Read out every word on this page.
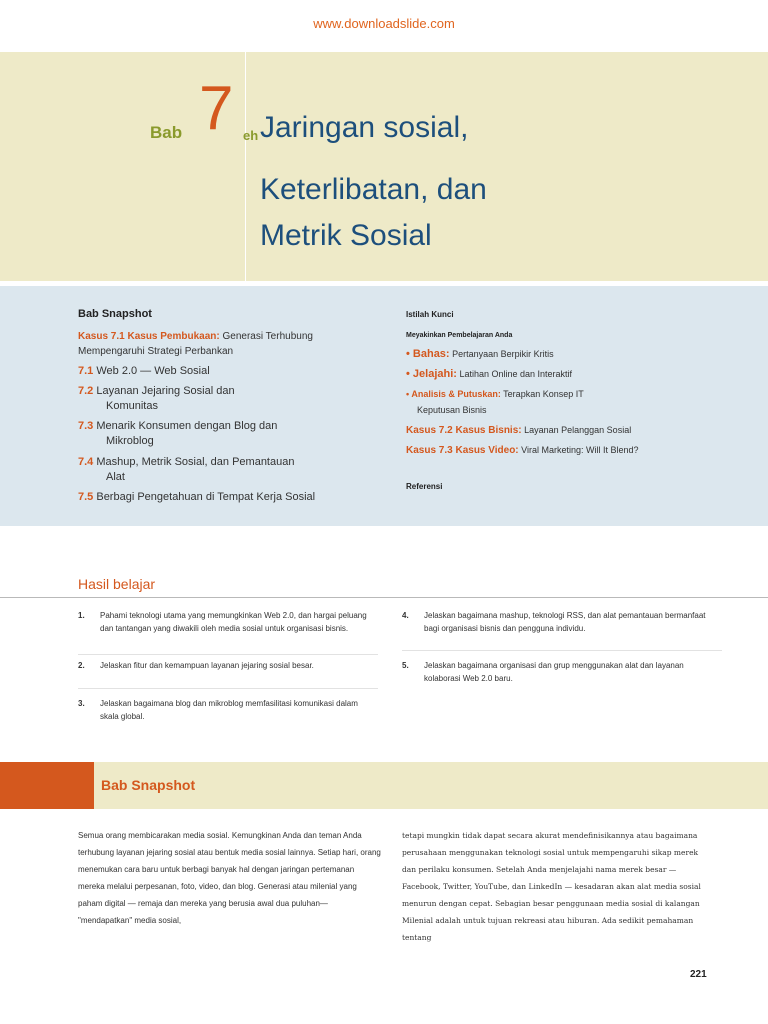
www.downloadslide.com
Bab 7 eh Jaringan sosial,
Keterlibatan, dan
Metrik Sosial
Bab Snapshot
Kasus 7.1 Kasus Pembukaan: Generasi Terhubung
Mempengaruhi Strategi Perbankan
7.1 Web 2.0 — Web Sosial
7.2 Layanan Jejaring Sosial dan
Komunitas
7.3 Menarik Konsumen dengan Blog dan
Mikroblog
7.4 Mashup, Metrik Sosial, dan Pemantauan
Alat
7.5 Berbagi Pengetahuan di Tempat Kerja Sosial
Istilah Kunci
Meyakinkan Pembelajaran Anda
• Bahas: Pertanyaan Berpikir Kritis
• Jelajahi: Latihan Online dan Interaktif
• Analisis & Putuskan: Terapkan Konsep IT
Keputusan Bisnis
Kasus 7.2 Kasus Bisnis: Layanan Pelanggan Sosial
Kasus 7.3 Kasus Video: Viral Marketing: Will It Blend?
Referensi
Hasil belajar
1. Pahami teknologi utama yang memungkinkan Web 2.0, dan hargai peluang dan tantangan yang diwakili oleh media sosial untuk organisasi bisnis.
2. Jelaskan fitur dan kemampuan layanan jejaring sosial besar.
3. Jelaskan bagaimana blog dan mikroblog memfasilitasi komunikasi dalam skala global.
4. Jelaskan bagaimana mashup, teknologi RSS, dan alat pemantauan bermanfaat bagi organisasi bisnis dan pengguna individu.
5. Jelaskan bagaimana organisasi dan grup menggunakan alat dan layanan kolaborasi Web 2.0 baru.
Bab Snapshot
Semua orang membicarakan media sosial. Kemungkinan Anda dan teman Anda terhubung layanan jejaring sosial atau bentuk media sosial lainnya. Setiap hari, orang menemukan cara baru untuk berbagi banyak hal dengan jaringan pertemanan mereka melalui perpesanan, foto, video, dan blog. Generasi atau milenial yang paham digital — remaja dan mereka yang berusia awal dua puluhan— "mendapatkan" media sosial,
tetapi mungkin tidak dapat secara akurat mendefinisikannya atau bagaimana perusahaan menggunakan teknologi sosial untuk mempengaruhi sikap merek dan perilaku konsumen. Setelah Anda menjelajahi nama merek besar — Facebook, Twitter, YouTube, dan LinkedIn — kesadaran akan alat media sosial menurun dengan cepat. Sebagian besar penggunaan media sosial di kalangan Milenial adalah untuk tujuan rekreasi atau hiburan. Ada sedikit pemahaman tentang
221
